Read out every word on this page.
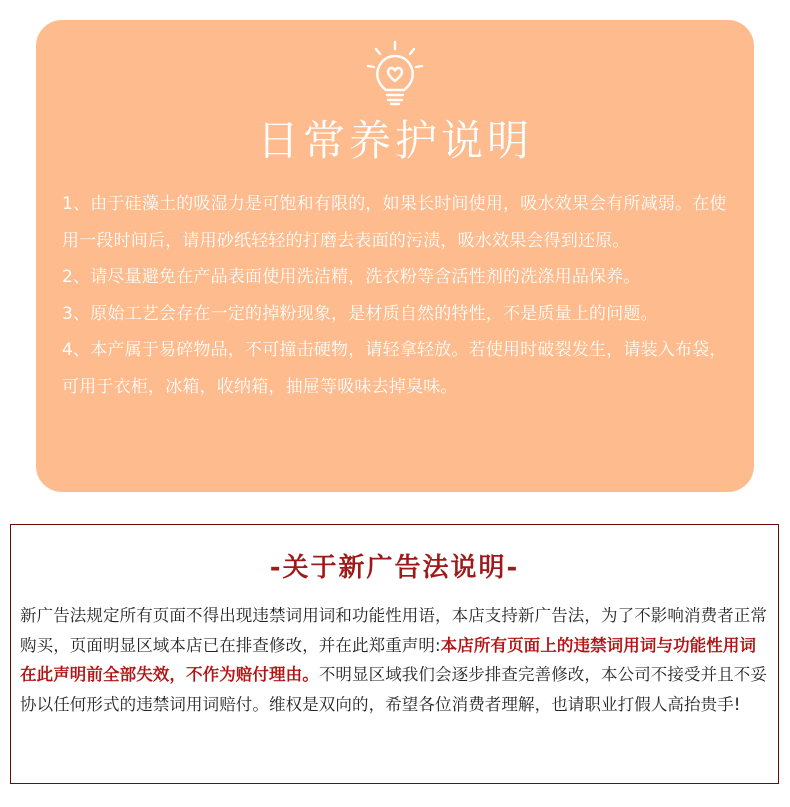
日常养护说明

1、由于硅藻土的吸湿力是可饱和有限的，如果长时间使用，吸水效果会有所减弱。在使用一段时间后，请用砂纸轻轻的打磨去表面的污渍，吸水效果会得到还原。

2、请尽量避免在产品表面使用洗洁精，洗衣粉等含活性剂的洗涤用品保养。

3、原始工艺会存在一定的掉粉现象，是材质自然的特性，不是质量上的问题。

4、本产属于易碎物品，不可撞击硬物，请轻拿轻放。若使用时破裂发生，请装入布袋，可用于衣柜，冰箱，收纳箱，抽屉等吸味去掉臭味。

-关于新广告法说明-
新广告法规定所有页面不得出现违禁词用词和功能性用语，本店支持新广告法，为了不影响消费者正常购买，页面明显区域本店已在排查修改，并在此郑重声明:本店所有页面上的违禁词用词与功能性用词在此声明前全部失效，不作为赔付理由。不明显区域我们会逐步排查完善修改，本公司不接受并且不妥协以任何形式的违禁词用词赔付。维权是双向的，希望各位消费者理解，也请职业打假人高抬贵手!
